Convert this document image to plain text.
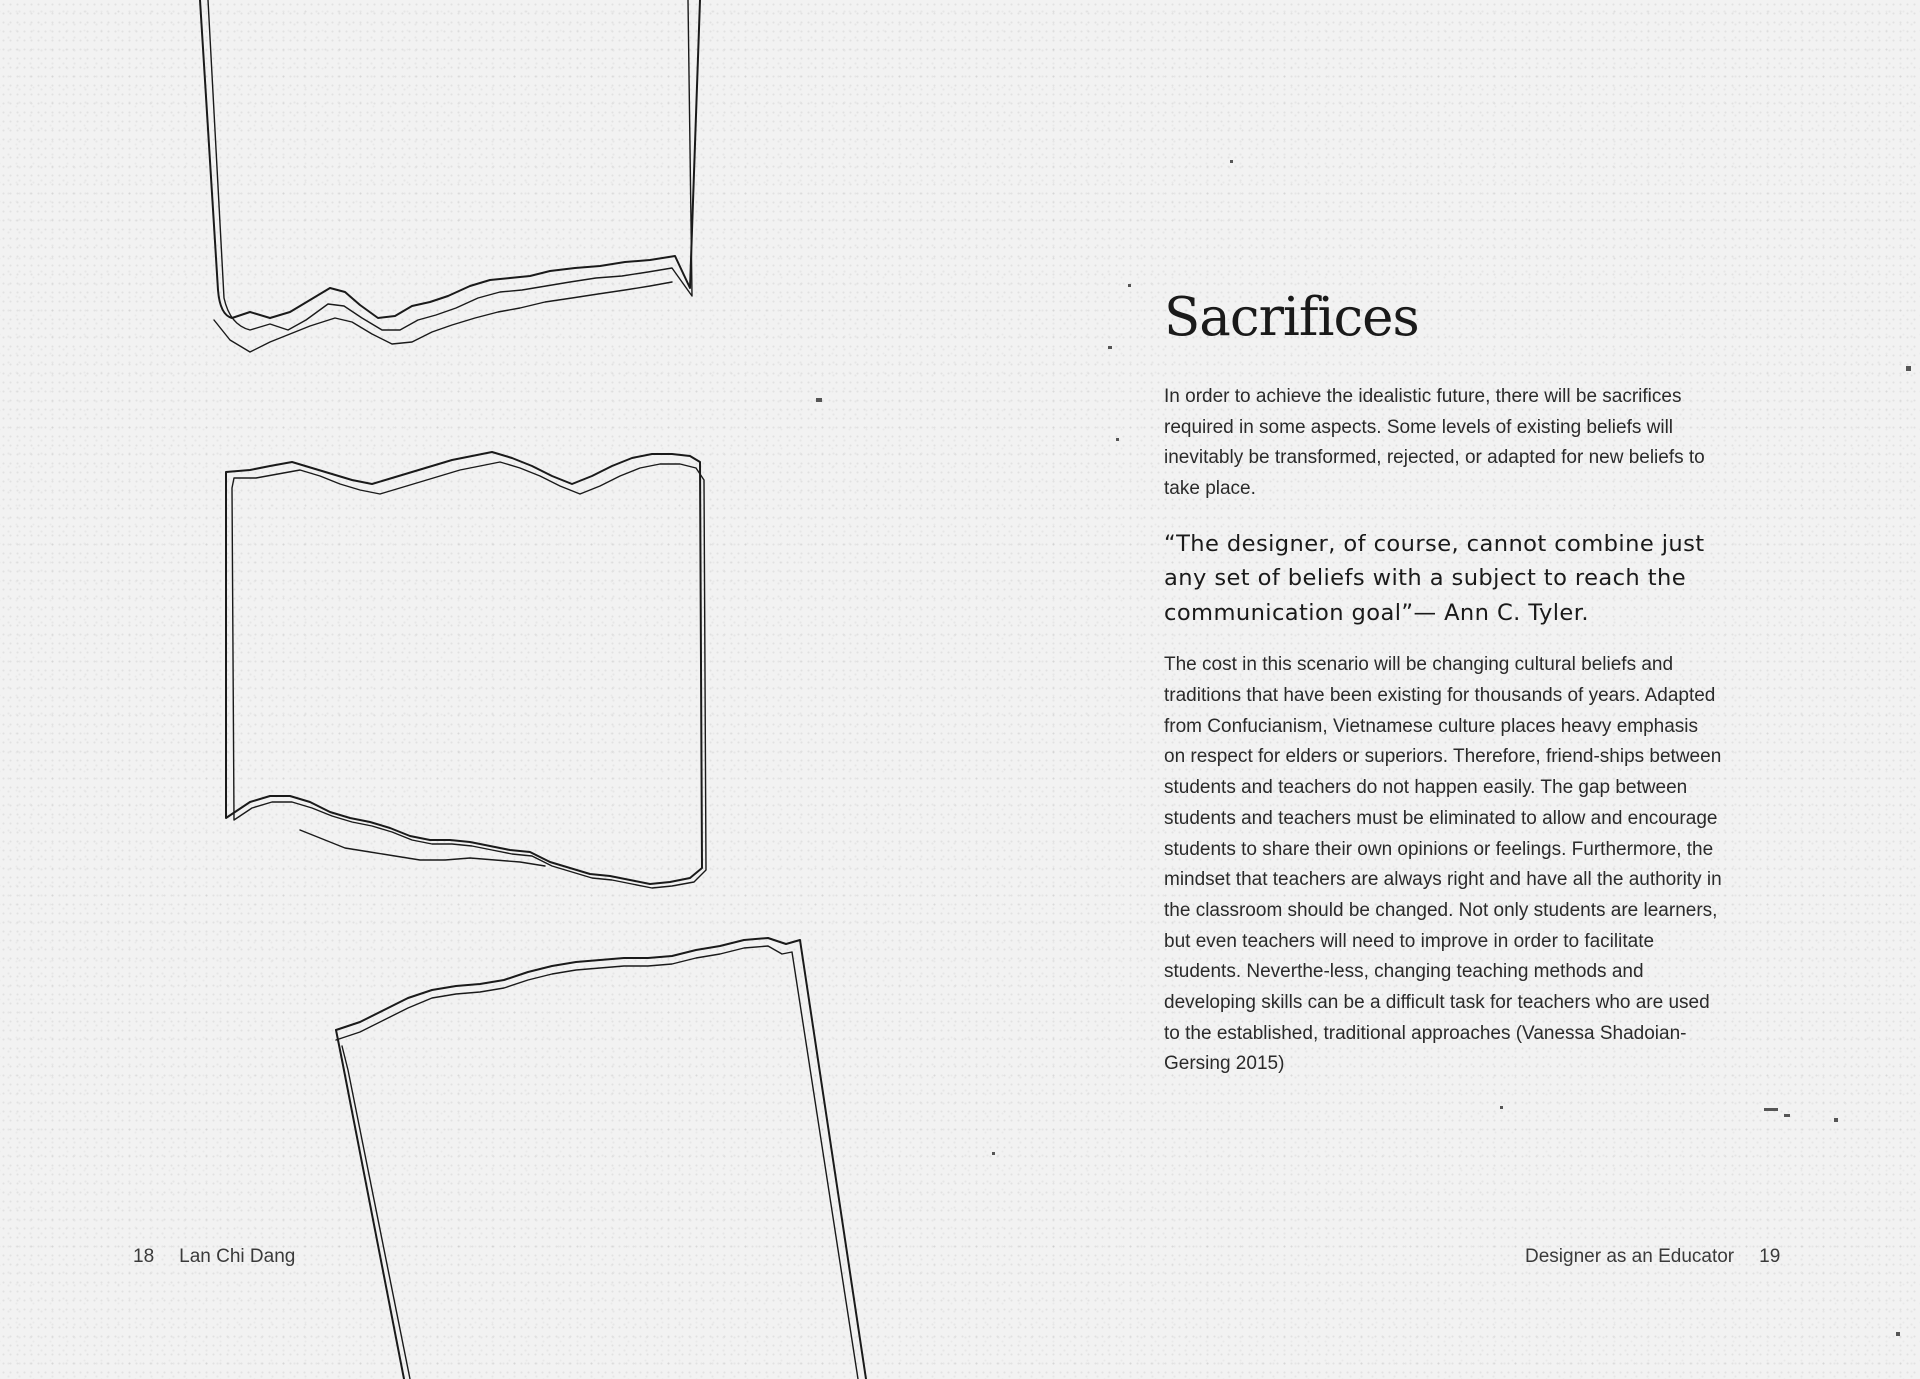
Sacrifices

In order to achieve the idealistic future, there will be sacrifices required in some aspects. Some levels of existing beliefs will inevitably be transformed, rejected, or adapted for new beliefs to take place.

“The designer, of course, cannot combine just any set of beliefs with a subject to reach the communication goal”— Ann C. Tyler.

The cost in this scenario will be changing cultural beliefs and traditions that have been existing for thousands of years. Adapted from Confucianism, Vietnamese culture places heavy emphasis on respect for elders or superiors. Therefore, friend-ships between students and teachers do not happen easily. The gap between students and teachers must be eliminated to allow and encourage students to share their own opinions or feelings. Furthermore, the mindset that teachers are always right and have all the authority in the classroom should be changed. Not only students are learners, but even teachers will need to improve in order to facilitate students. Neverthe-less, changing teaching methods and developing skills can be a difficult task for teachers who are used to the established, traditional approaches (Vanessa Shadoian-Gersing 2015)

18 Lan Chi Dang	Designer as an Educator 19
